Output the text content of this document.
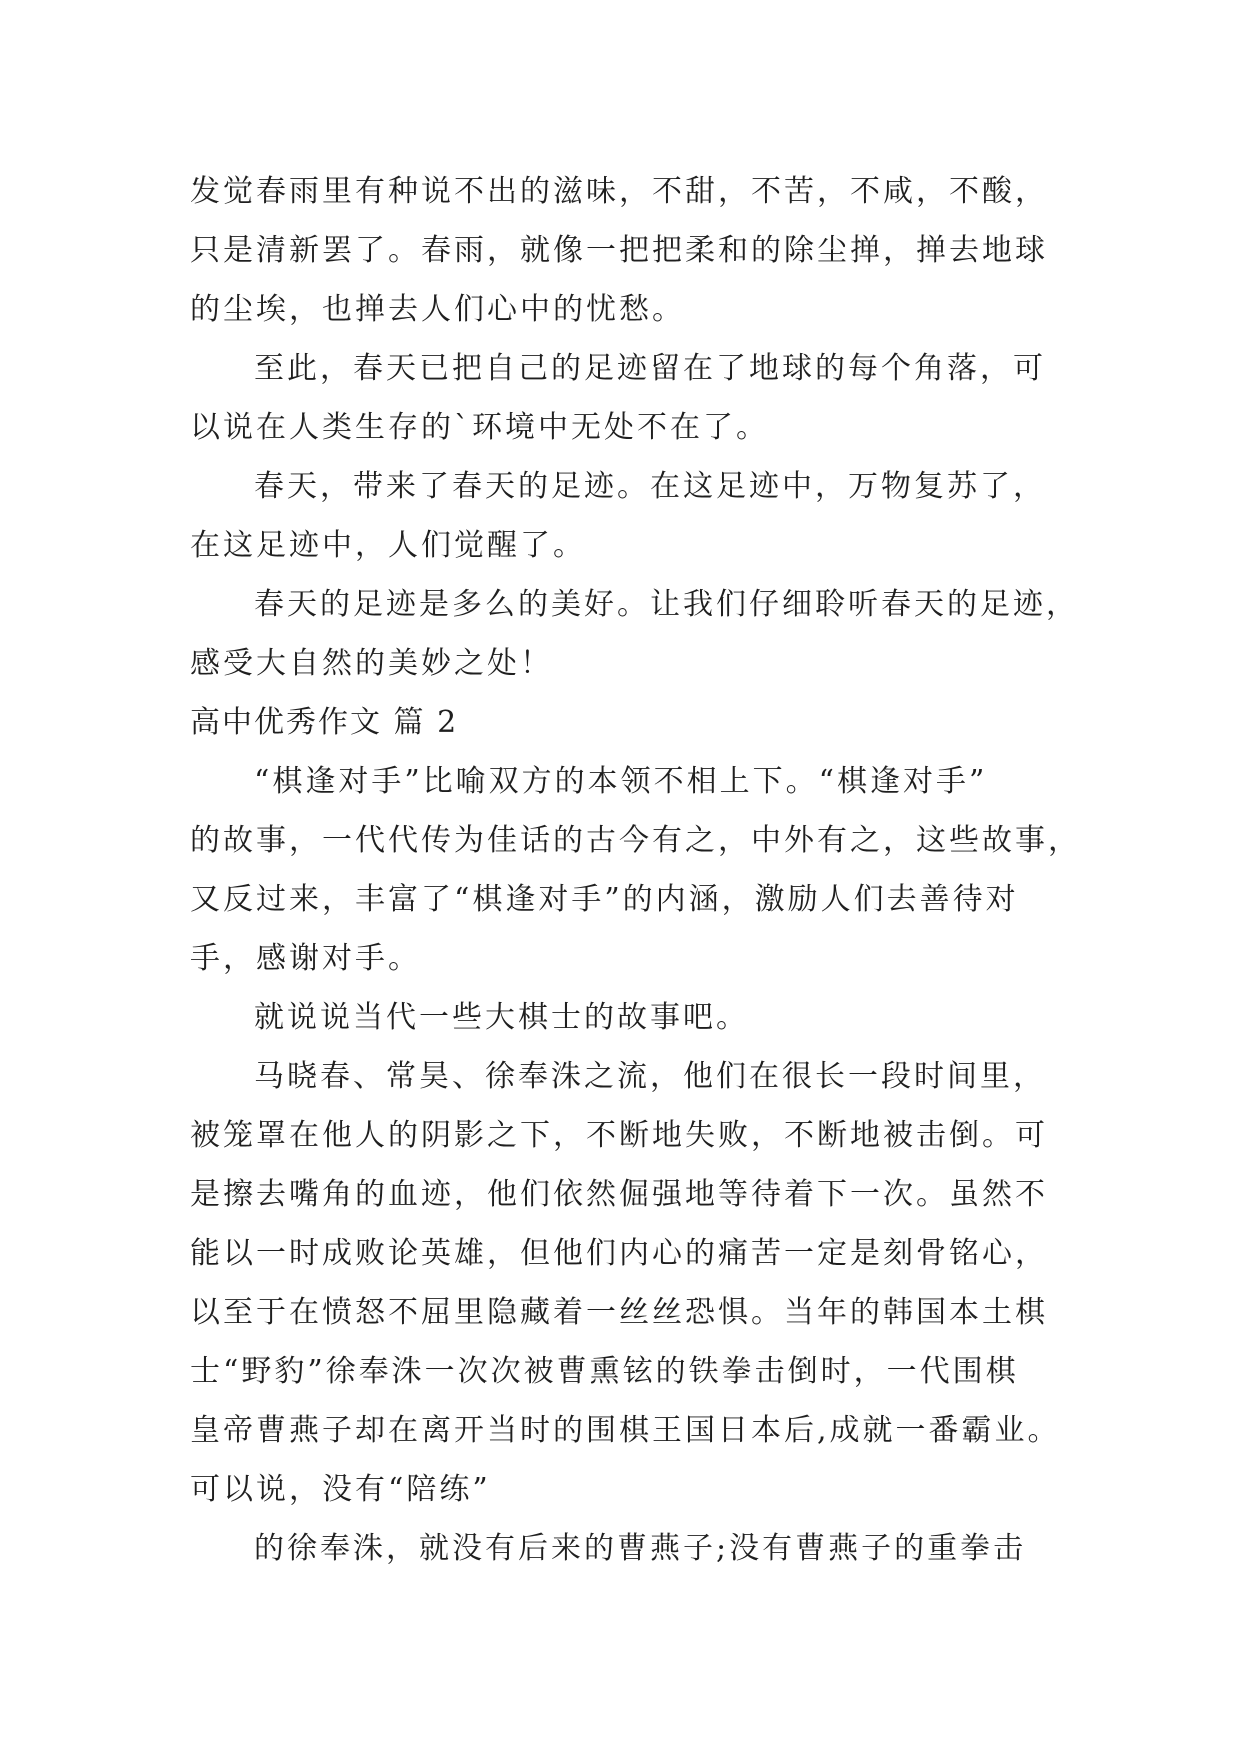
发觉春雨里有种说不出的滋味，不甜，不苦，不咸，不酸，
只是清新罢了。春雨，就像一把把柔和的除尘掸，掸去地球
的尘埃，也掸去人们心中的忧愁。
至此，春天已把自己的足迹留在了地球的每个角落，可
以说在人类生存的`环境中无处不在了。
春天，带来了春天的足迹。在这足迹中，万物复苏了，
在这足迹中，人们觉醒了。
春天的足迹是多么的美好。让我们仔细聆听春天的足迹，
感受大自然的美妙之处！
高中优秀作文 篇 2
“棋逢对手”比喻双方的本领不相上下。“棋逢对手”
的故事，一代代传为佳话的古今有之，中外有之，这些故事，
又反过来，丰富了“棋逢对手”的内涵，激励人们去善待对
手，感谢对手。
就说说当代一些大棋士的故事吧。
马晓春、常昊、徐奉洙之流，他们在很长一段时间里，
被笼罩在他人的阴影之下，不断地失败，不断地被击倒。可
是擦去嘴角的血迹，他们依然倔强地等待着下一次。虽然不
能以一时成败论英雄，但他们内心的痛苦一定是刻骨铭心，
以至于在愤怒不屈里隐藏着一丝丝恐惧。当年的韩国本土棋
士“野豹”徐奉洙一次次被曹熏铉的铁拳击倒时，一代围棋
皇帝曹燕子却在离开当时的围棋王国日本后,成就一番霸业。
可以说，没有“陪练”
的徐奉洙，就没有后来的曹燕子;没有曹燕子的重拳击
